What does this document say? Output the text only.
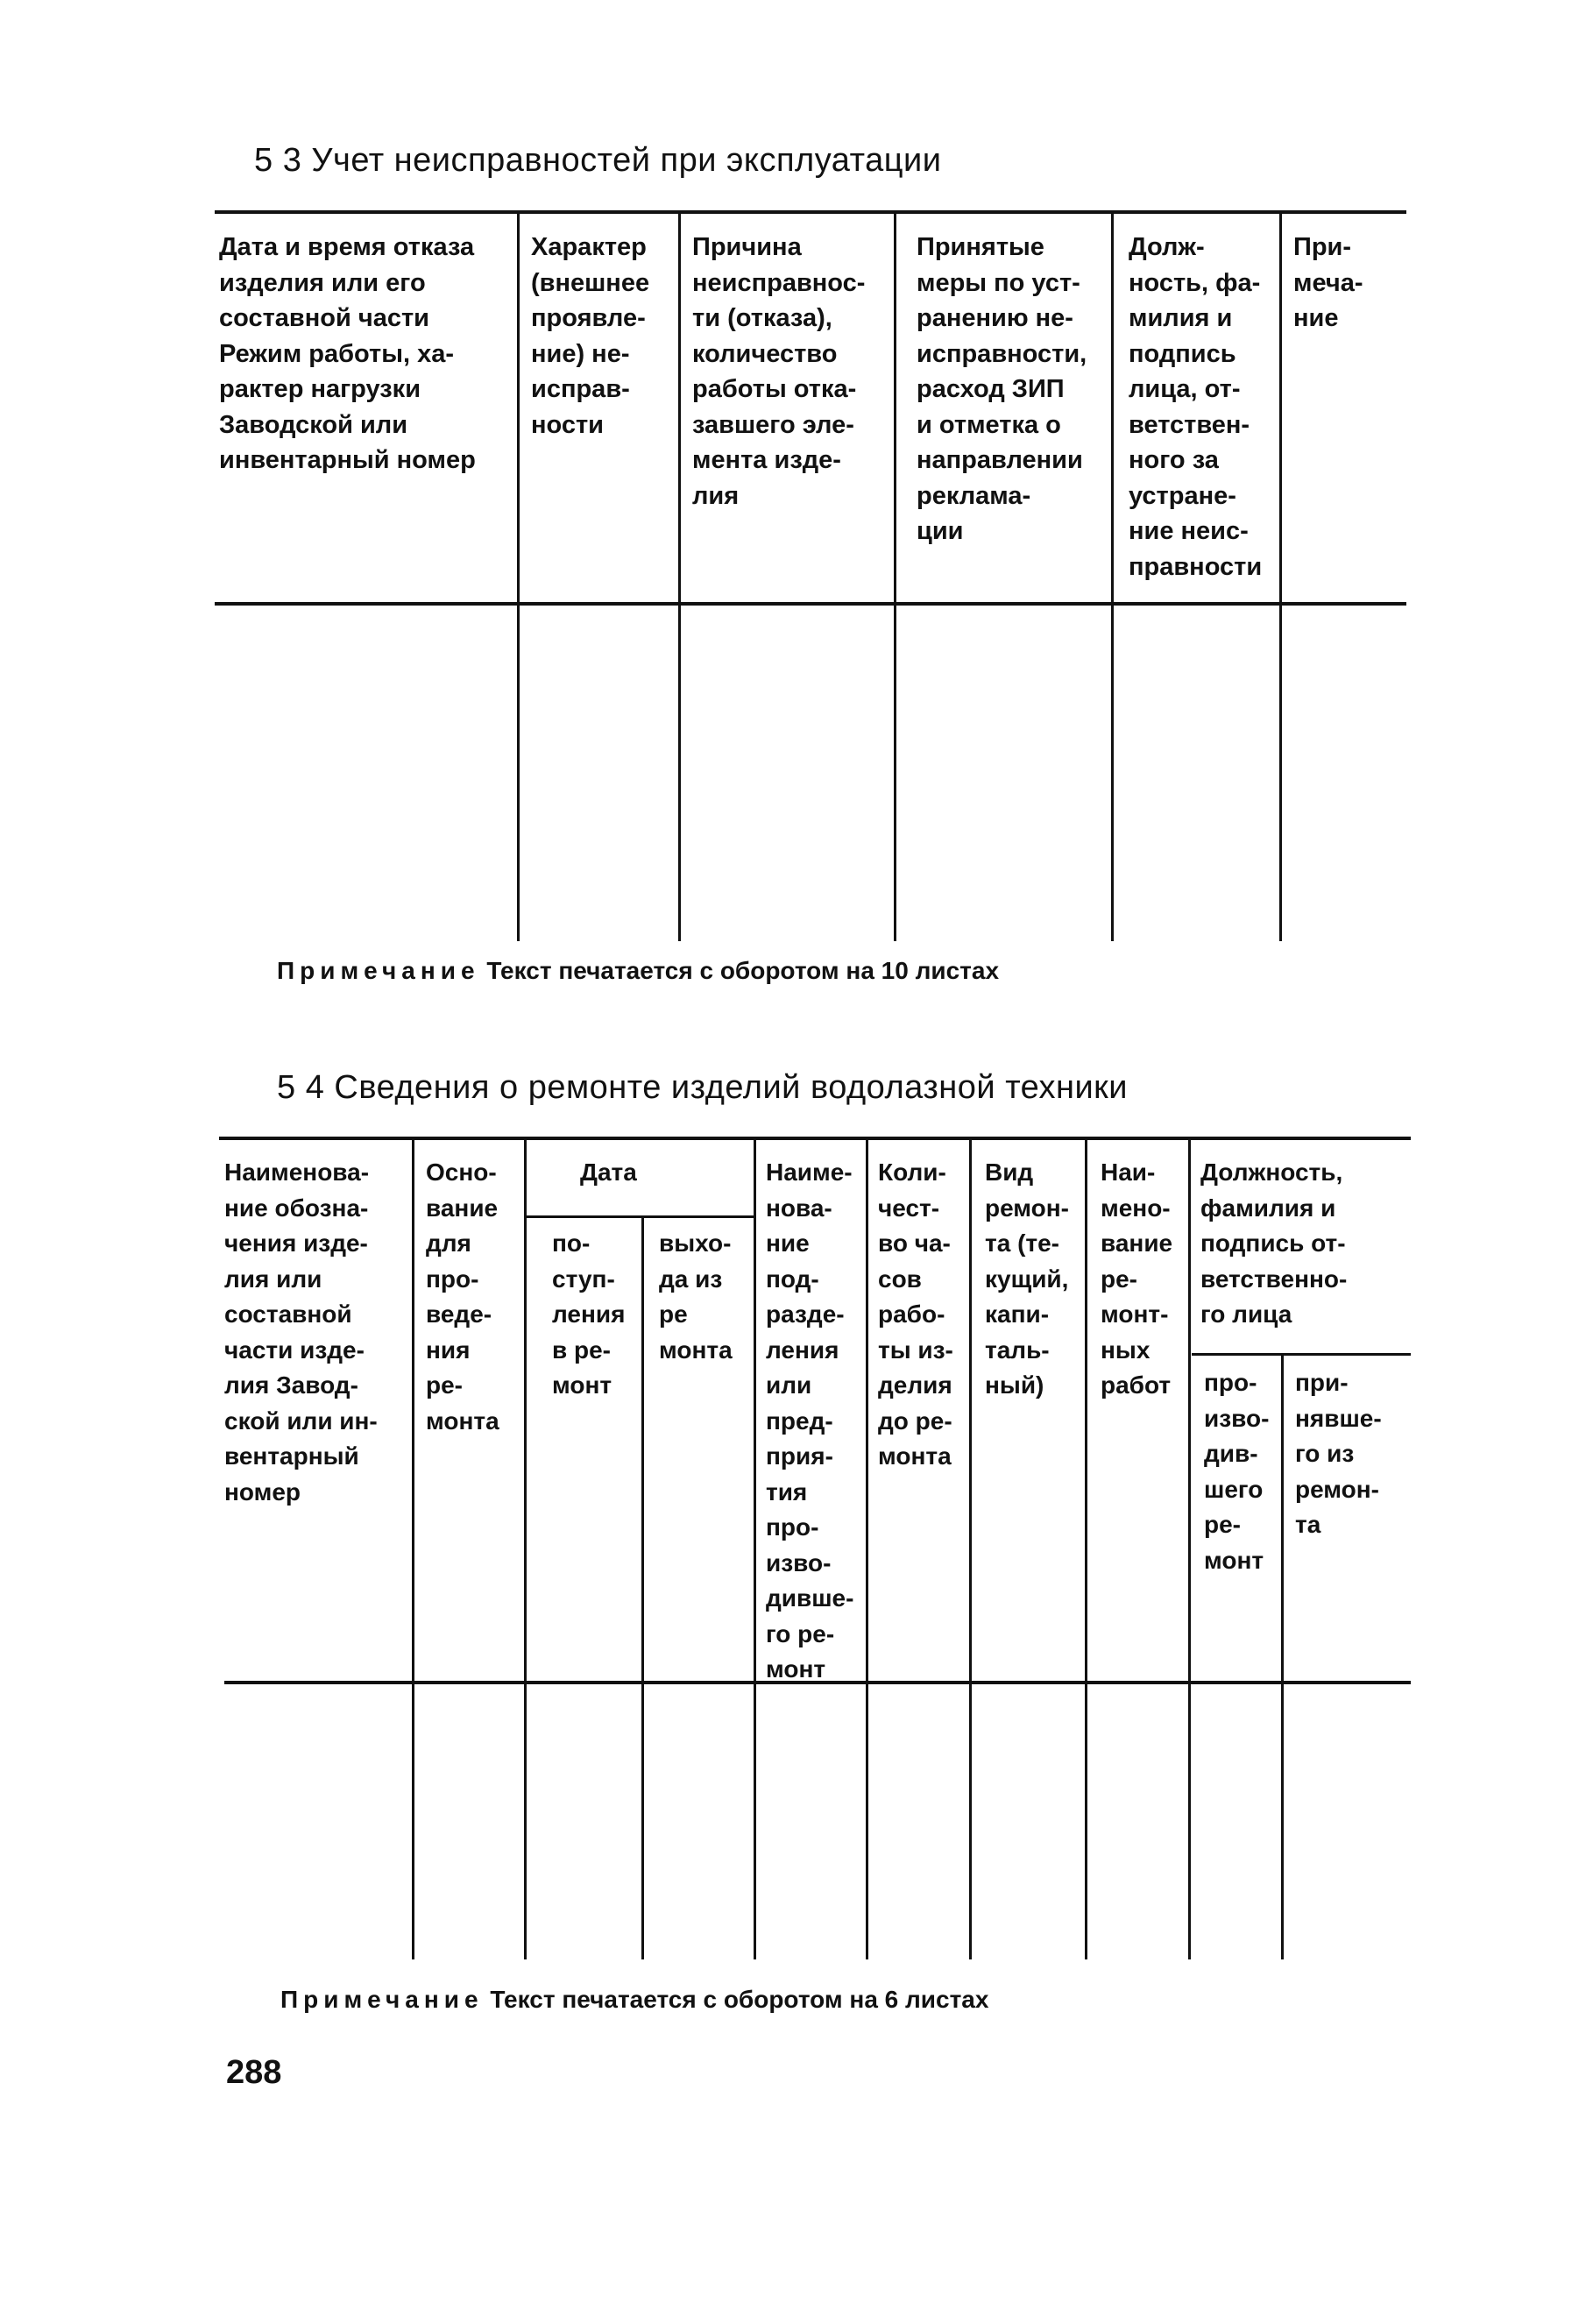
5 3 Учет неисправностей при эксплуатации
Дата и время отказа
изделия или его
составной части
Режим работы, ха-
рактер нагрузки
Заводской или
инвентарный номер
Характер
(внешнее
проявле-
ние) не-
исправ-
ности
Причина
неисправнос-
ти (отказа),
количество
работы отка-
завшего эле-
мента изде-
лия
Принятые
меры по уст-
ранению не-
исправности,
расход ЗИП
и отметка о
направлении
реклама-
ции
Долж-
ность, фа-
милия и
подпись
лица, от-
ветствен-
ного за
устране-
ние неис-
правности
При-
меча-
ние
Примечание Текст печатается с оборотом на 10 листах
5 4 Сведения о ремонте изделий водолазной техники
Наименова-
ние обозна-
чения изде-
лия или
составной
части изде-
лия Завод-
ской или ин-
вентарный
номер
Осно-
вание
для
про-
веде-
ния
ре-
монта
Дата
по-
ступ-
ления
в ре-
монт
выхо-
да из
ре
монта
Наиме-
нова-
ние
под-
разде-
ления
или
пред-
прия-
тия
про-
изво-
дивше-
го ре-
монт
Коли-
чест-
во ча-
сов
рабо-
ты из-
делия
до ре-
монта
Вид
ремон-
та (те-
кущий,
капи-
таль-
ный)
Наи-
мено-
вание
ре-
монт-
ных
работ
Должность,
фамилия и
подпись от-
ветственно-
го лица
про-
изво-
див-
шего
ре-
монт
при-
нявше-
го из
ремон-
та
Примечание Текст печатается с оборотом на 6 листах
288
